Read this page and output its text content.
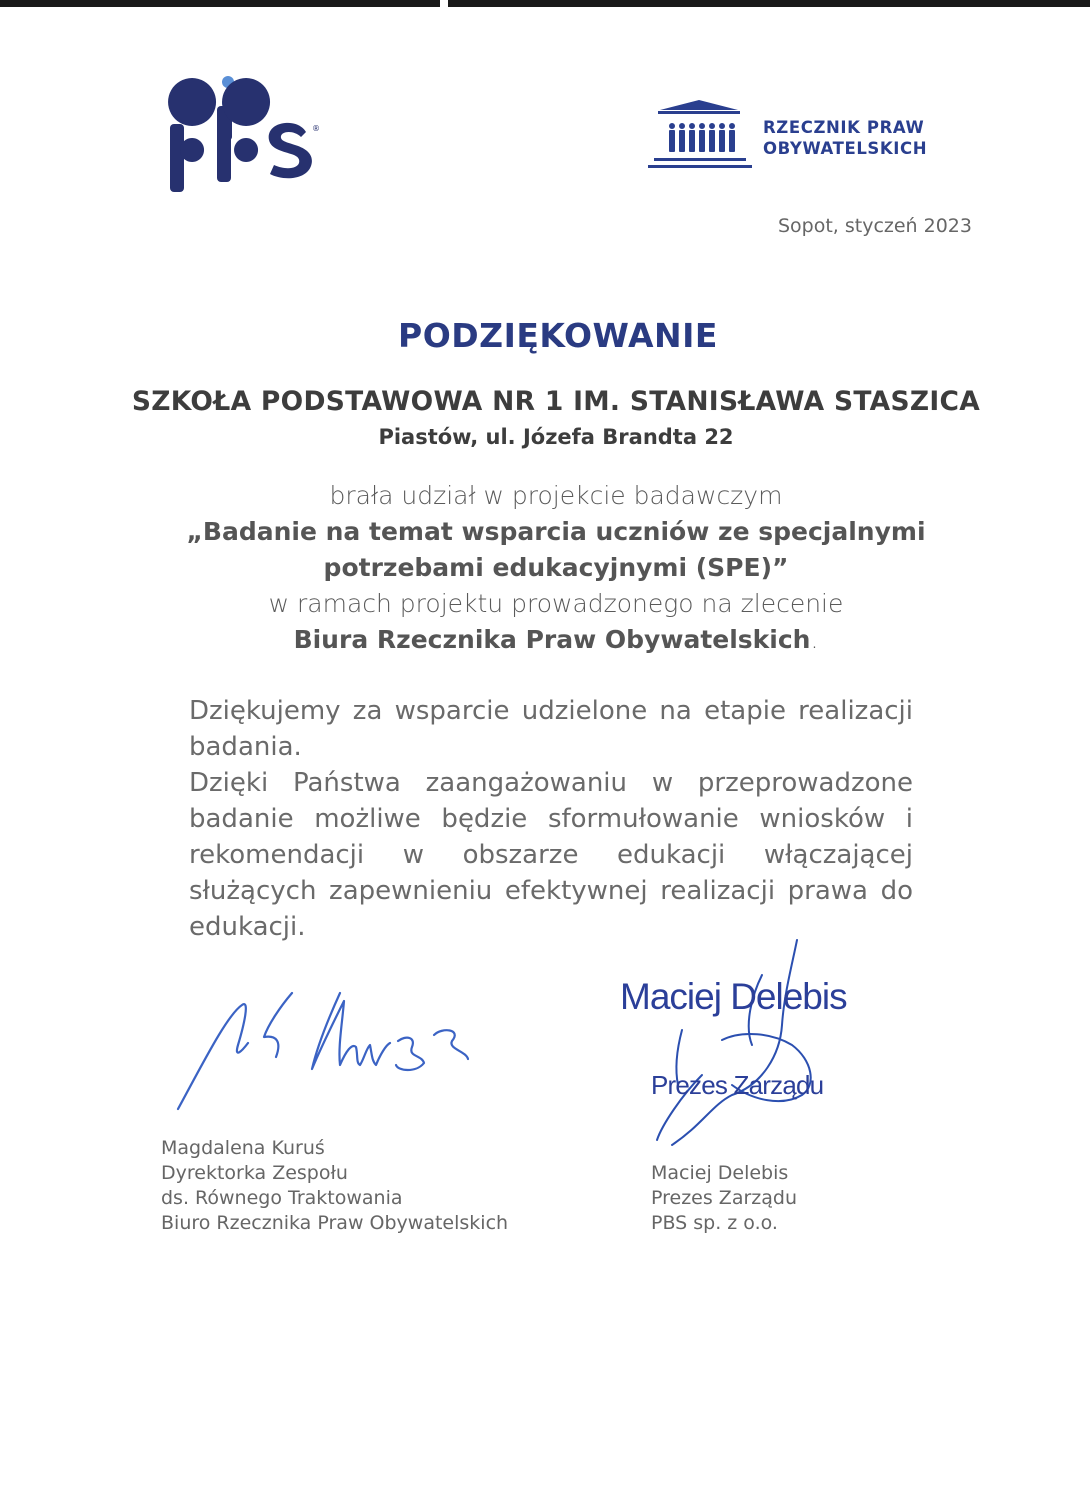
®	RZECZNIK PRAW
OBYWATELSKICH
Sopot, styczeń 2023
PODZIĘKOWANIE
SZKOŁA PODSTAWOWA NR 1 IM. STANISŁAWA STASZICA
Piastów, ul. Józefa Brandta 22
brała udział w projekcie badawczym
„Badanie na temat wsparcia uczniów ze specjalnymi
potrzebami edukacyjnymi (SPE)”
w ramach projektu prowadzonego na zlecenie
Biura Rzecznika Praw Obywatelskich.

Dziękujemy za wsparcie udzielone na etapie realizacji badania.

Dzięki Państwa zaangażowaniu w przeprowadzone badanie możliwe będzie sformułowanie wniosków i rekomendacji w obszarze edukacji włączającej służących zapewnieniu efektywnej realizacji prawa do edukacji.

Maciej Delebis
Prezes Zarządu
Magdalena Kuruś
Dyrektorka Zespołu
ds. Równego Traktowania
Biuro Rzecznika Praw Obywatelskich
Maciej Delebis
Prezes Zarządu
PBS sp. z o.o.
